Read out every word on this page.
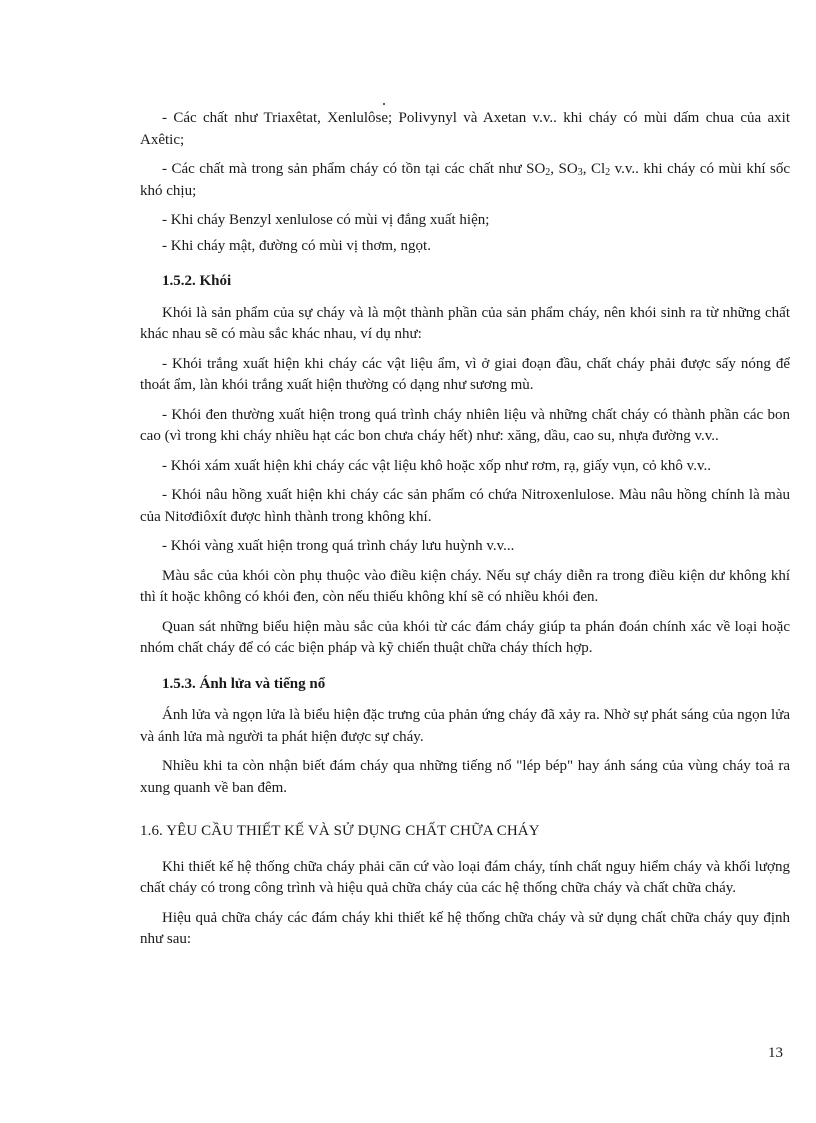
- Các chất như Triaxêtat, Xenlulôse; Polivynyl và Axetan v.v.. khi cháy có mùi dấm chua của axit Axêtic;

- Các chất mà trong sản phẩm cháy có tồn tại các chất như $SO_2$, $SO_3$, $Cl_2$ v.v.. khi cháy có mùi khí sốc khó chịu;

- Khi cháy Benzyl xenlulose có mùi vị đắng xuất hiện;

- Khi cháy mật, đường có mùi vị thơm, ngọt.

1.5.2. Khói

Khói là sản phẩm của sự cháy và là một thành phần của sản phẩm cháy, nên khói sinh ra từ những chất khác nhau sẽ có màu sắc khác nhau, ví dụ như:

- Khói trắng xuất hiện khi cháy các vật liệu ẩm, vì ở giai đoạn đầu, chất cháy phải được sấy nóng để thoát ẩm, làn khói trắng xuất hiện thường có dạng như sương mù.

- Khói đen thường xuất hiện trong quá trình cháy nhiên liệu và những chất cháy có thành phần các bon cao (vì trong khi cháy nhiều hạt các bon chưa cháy hết) như: xăng, dầu, cao su, nhựa đường v.v..

- Khói xám xuất hiện khi cháy các vật liệu khô hoặc xốp như rơm, rạ, giấy vụn, cỏ khô v.v..

- Khói nâu hồng xuất hiện khi cháy các sản phẩm có chứa Nitroxenlulose. Màu nâu hồng chính là màu của Nitơđiôxít được hình thành trong không khí.

- Khói vàng xuất hiện trong quá trình cháy lưu huỳnh v.v...

Màu sắc của khói còn phụ thuộc vào điều kiện cháy. Nếu sự cháy diễn ra trong điều kiện dư không khí thì ít hoặc không có khói đen, còn nếu thiếu không khí sẽ có nhiều khói đen.

Quan sát những biểu hiện màu sắc của khói từ các đám cháy giúp ta phán đoán chính xác về loại hoặc nhóm chất cháy để có các biện pháp và kỹ chiến thuật chữa cháy thích hợp.

1.5.3. Ánh lửa và tiếng nổ

Ánh lửa và ngọn lửa là biểu hiện đặc trưng của phản ứng cháy đã xảy ra. Nhờ sự phát sáng của ngọn lửa và ánh lửa mà người ta phát hiện được sự cháy.

Nhiều khi ta còn nhận biết đám cháy qua những tiếng nổ "lép bép" hay ánh sáng của vùng cháy toả ra xung quanh về ban đêm.

1.6. YÊU CẦU THIẾT KẾ VÀ SỬ DỤNG CHẤT CHỮA CHÁY

Khi thiết kế hệ thống chữa cháy phải căn cứ vào loại đám cháy, tính chất nguy hiểm cháy và khối lượng chất cháy có trong công trình và hiệu quả chữa cháy của các hệ thống chữa cháy và chất chữa cháy.

Hiệu quả chữa cháy các đám cháy khi thiết kế hệ thống chữa cháy và sử dụng chất chữa cháy quy định như sau:

13
